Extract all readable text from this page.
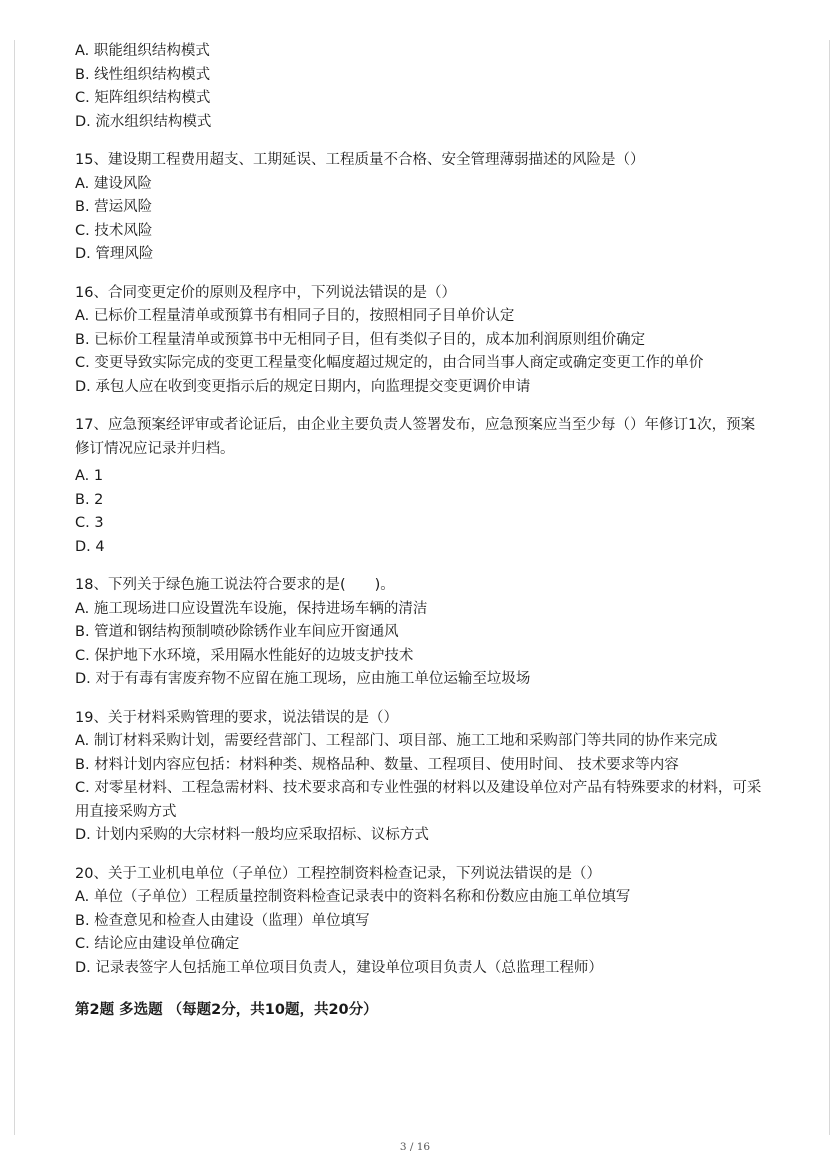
A. 职能组织结构模式
B. 线性组织结构模式
C. 矩阵组织结构模式
D. 流水组织结构模式
15、建设期工程费用超支、工期延误、工程质量不合格、安全管理薄弱描述的风险是（）
A. 建设风险
B. 营运风险
C. 技术风险
D. 管理风险
16、合同变更定价的原则及程序中，下列说法错误的是（）
A. 已标价工程量清单或预算书有相同子目的，按照相同子目单价认定
B. 已标价工程量清单或预算书中无相同子目，但有类似子目的，成本加利润原则组价确定
C. 变更导致实际完成的变更工程量变化幅度超过规定的，由合同当事人商定或确定变更工作的单价
D. 承包人应在收到变更指示后的规定日期内，向监理提交变更调价申请
17、应急预案经评审或者论证后，由企业主要负责人签署发布，应急预案应当至少每（）年修订1次，预案修订情况应记录并归档。
A. 1
B. 2
C. 3
D. 4
18、下列关于绿色施工说法符合要求的是(　　)。
A. 施工现场进口应设置洗车设施，保持进场车辆的清洁
B. 管道和钢结构预制喷砂除锈作业车间应开窗通风
C. 保护地下水环境，采用隔水性能好的边坡支护技术
D. 对于有毒有害废弃物不应留在施工现场，应由施工单位运输至垃圾场
19、关于材料采购管理的要求，说法错误的是（）
A. 制订材料采购计划，需要经营部门、工程部门、项目部、施工工地和采购部门等共同的协作来完成
B. 材料计划内容应包括：材料种类、规格品种、数量、工程项目、使用时间、 技术要求等内容
C. 对零星材料、工程急需材料、技术要求高和专业性强的材料以及建设单位对产品有特殊要求的材料，可采用直接采购方式
D. 计划内采购的大宗材料一般均应采取招标、议标方式
20、关于工业机电单位（子单位）工程控制资料检查记录，下列说法错误的是（）
A. 单位（子单位）工程质量控制资料检查记录表中的资料名称和份数应由施工单位填写
B. 检查意见和检查人由建设（监理）单位填写
C. 结论应由建设单位确定
D. 记录表签字人包括施工单位项目负责人，建设单位项目负责人（总监理工程师）
第2题 多选题 （每题2分，共10题，共20分）
3 / 16
